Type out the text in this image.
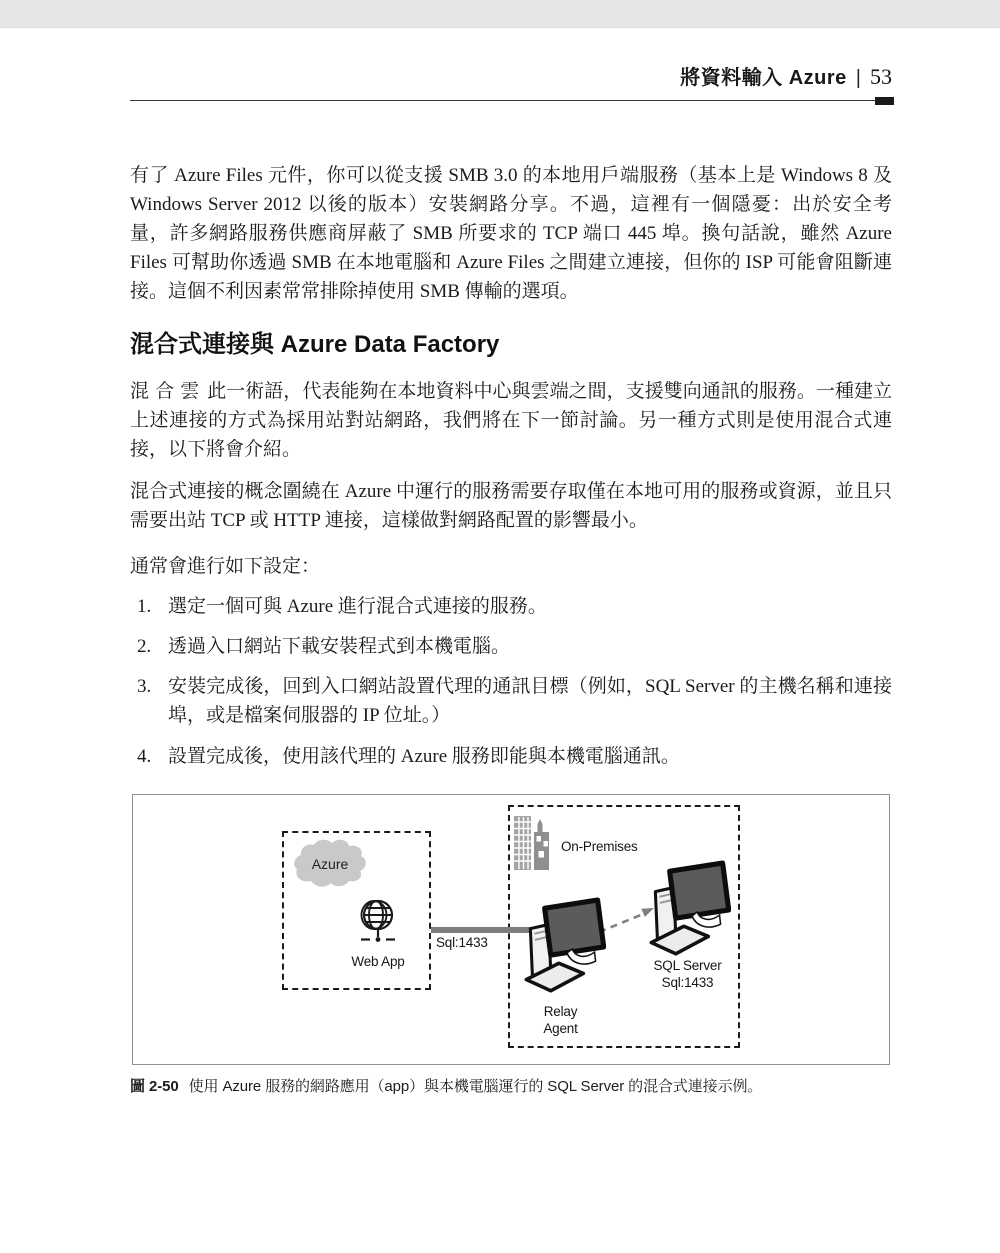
將資料輸入 Azure | 53

有了 Azure Files 元件，你可以從支援 SMB 3.0 的本地用戶端服務（基本上是 Windows 8 及 Windows Server 2012 以後的版本）安裝網路分享。不過，這裡有一個隱憂：出於安全考量，許多網路服務供應商屏蔽了 SMB 所要求的 TCP 端口 445 埠。換句話說，雖然 Azure Files 可幫助你透過 SMB 在本地電腦和 Azure Files 之間建立連接，但你的 ISP 可能會阻斷連接。這個不利因素常常排除掉使用 SMB 傳輸的選項。

混合式連接與 Azure Data Factory

混合雲此一術語，代表能夠在本地資料中心與雲端之間，支援雙向通訊的服務。一種建立上述連接的方式為採用站對站網路，我們將在下一節討論。另一種方式則是使用混合式連接，以下將會介紹。

混合式連接的概念圍繞在 Azure 中運行的服務需要存取僅在本地可用的服務或資源，並且只需要出站 TCP 或 HTTP 連接，這樣做對網路配置的影響最小。

通常會進行如下設定：

1. 選定一個可與 Azure 進行混合式連接的服務。
2. 透過入口網站下載安裝程式到本機電腦。
3. 安裝完成後，回到入口網站設置代理的通訊目標（例如，SQL Server 的主機名稱和連接埠，或是檔案伺服器的 IP 位址。）
4. 設置完成後，使用該代理的 Azure 服務即能與本機電腦通訊。
Azure
Web App
On-Premises
Sql:1433
Relay
Agent
SQL Server
Sql:1433

圖 2-50 使用 Azure 服務的網路應用（app）與本機電腦運行的 SQL Server 的混合式連接示例。
